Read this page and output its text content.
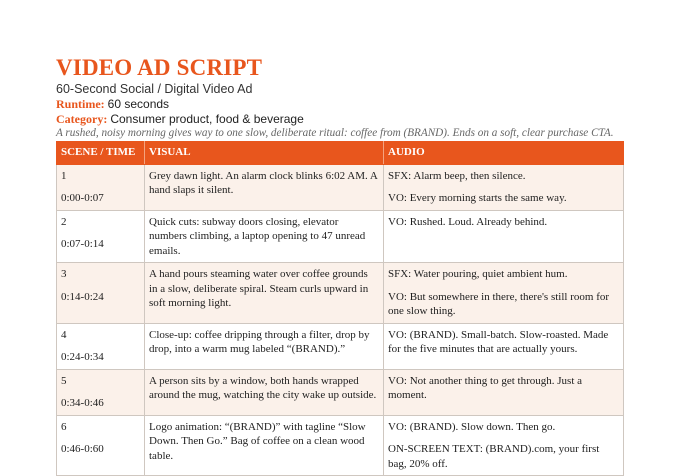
VIDEO AD SCRIPT
60-Second Social / Digital Video Ad
Runtime: 60 seconds
Category: Consumer product, food & beverage
A rushed, noisy morning gives way to one slow, deliberate ritual: coffee from (BRAND). Ends on a soft, clear purchase CTA.
SCENE / TIME	VISUAL	AUDIO

1
0:00-0:07	Grey dawn light. An alarm clock blinks 6:02 AM. A hand slaps it silent.	SFX: Alarm beep, then silence.
VO: Every morning starts the same way.

2
0:07-0:14	Quick cuts: subway doors closing, elevator numbers climbing, a laptop opening to 47 unread emails.	VO: Rushed. Loud. Already behind.

3
0:14-0:24	A hand pours steaming water over coffee grounds in a slow, deliberate spiral. Steam curls upward in soft morning light.	SFX: Water pouring, quiet ambient hum.
VO: But somewhere in there, there's still room for one slow thing.

4
0:24-0:34	Close-up: coffee dripping through a filter, drop by drop, into a warm mug labeled “(BRAND).”	VO: (BRAND). Small-batch. Slow-roasted. Made for the five minutes that are actually yours.

5
0:34-0:46	A person sits by a window, both hands wrapped around the mug, watching the city wake up outside.	VO: Not another thing to get through. Just a moment.

6
0:46-0:60	Logo animation: “(BRAND)” with tagline “Slow Down. Then Go.” Bag of coffee on a clean wood table.	VO: (BRAND). Slow down. Then go.
ON-SCREEN TEXT: (BRAND).com, your first bag, 20% off.
